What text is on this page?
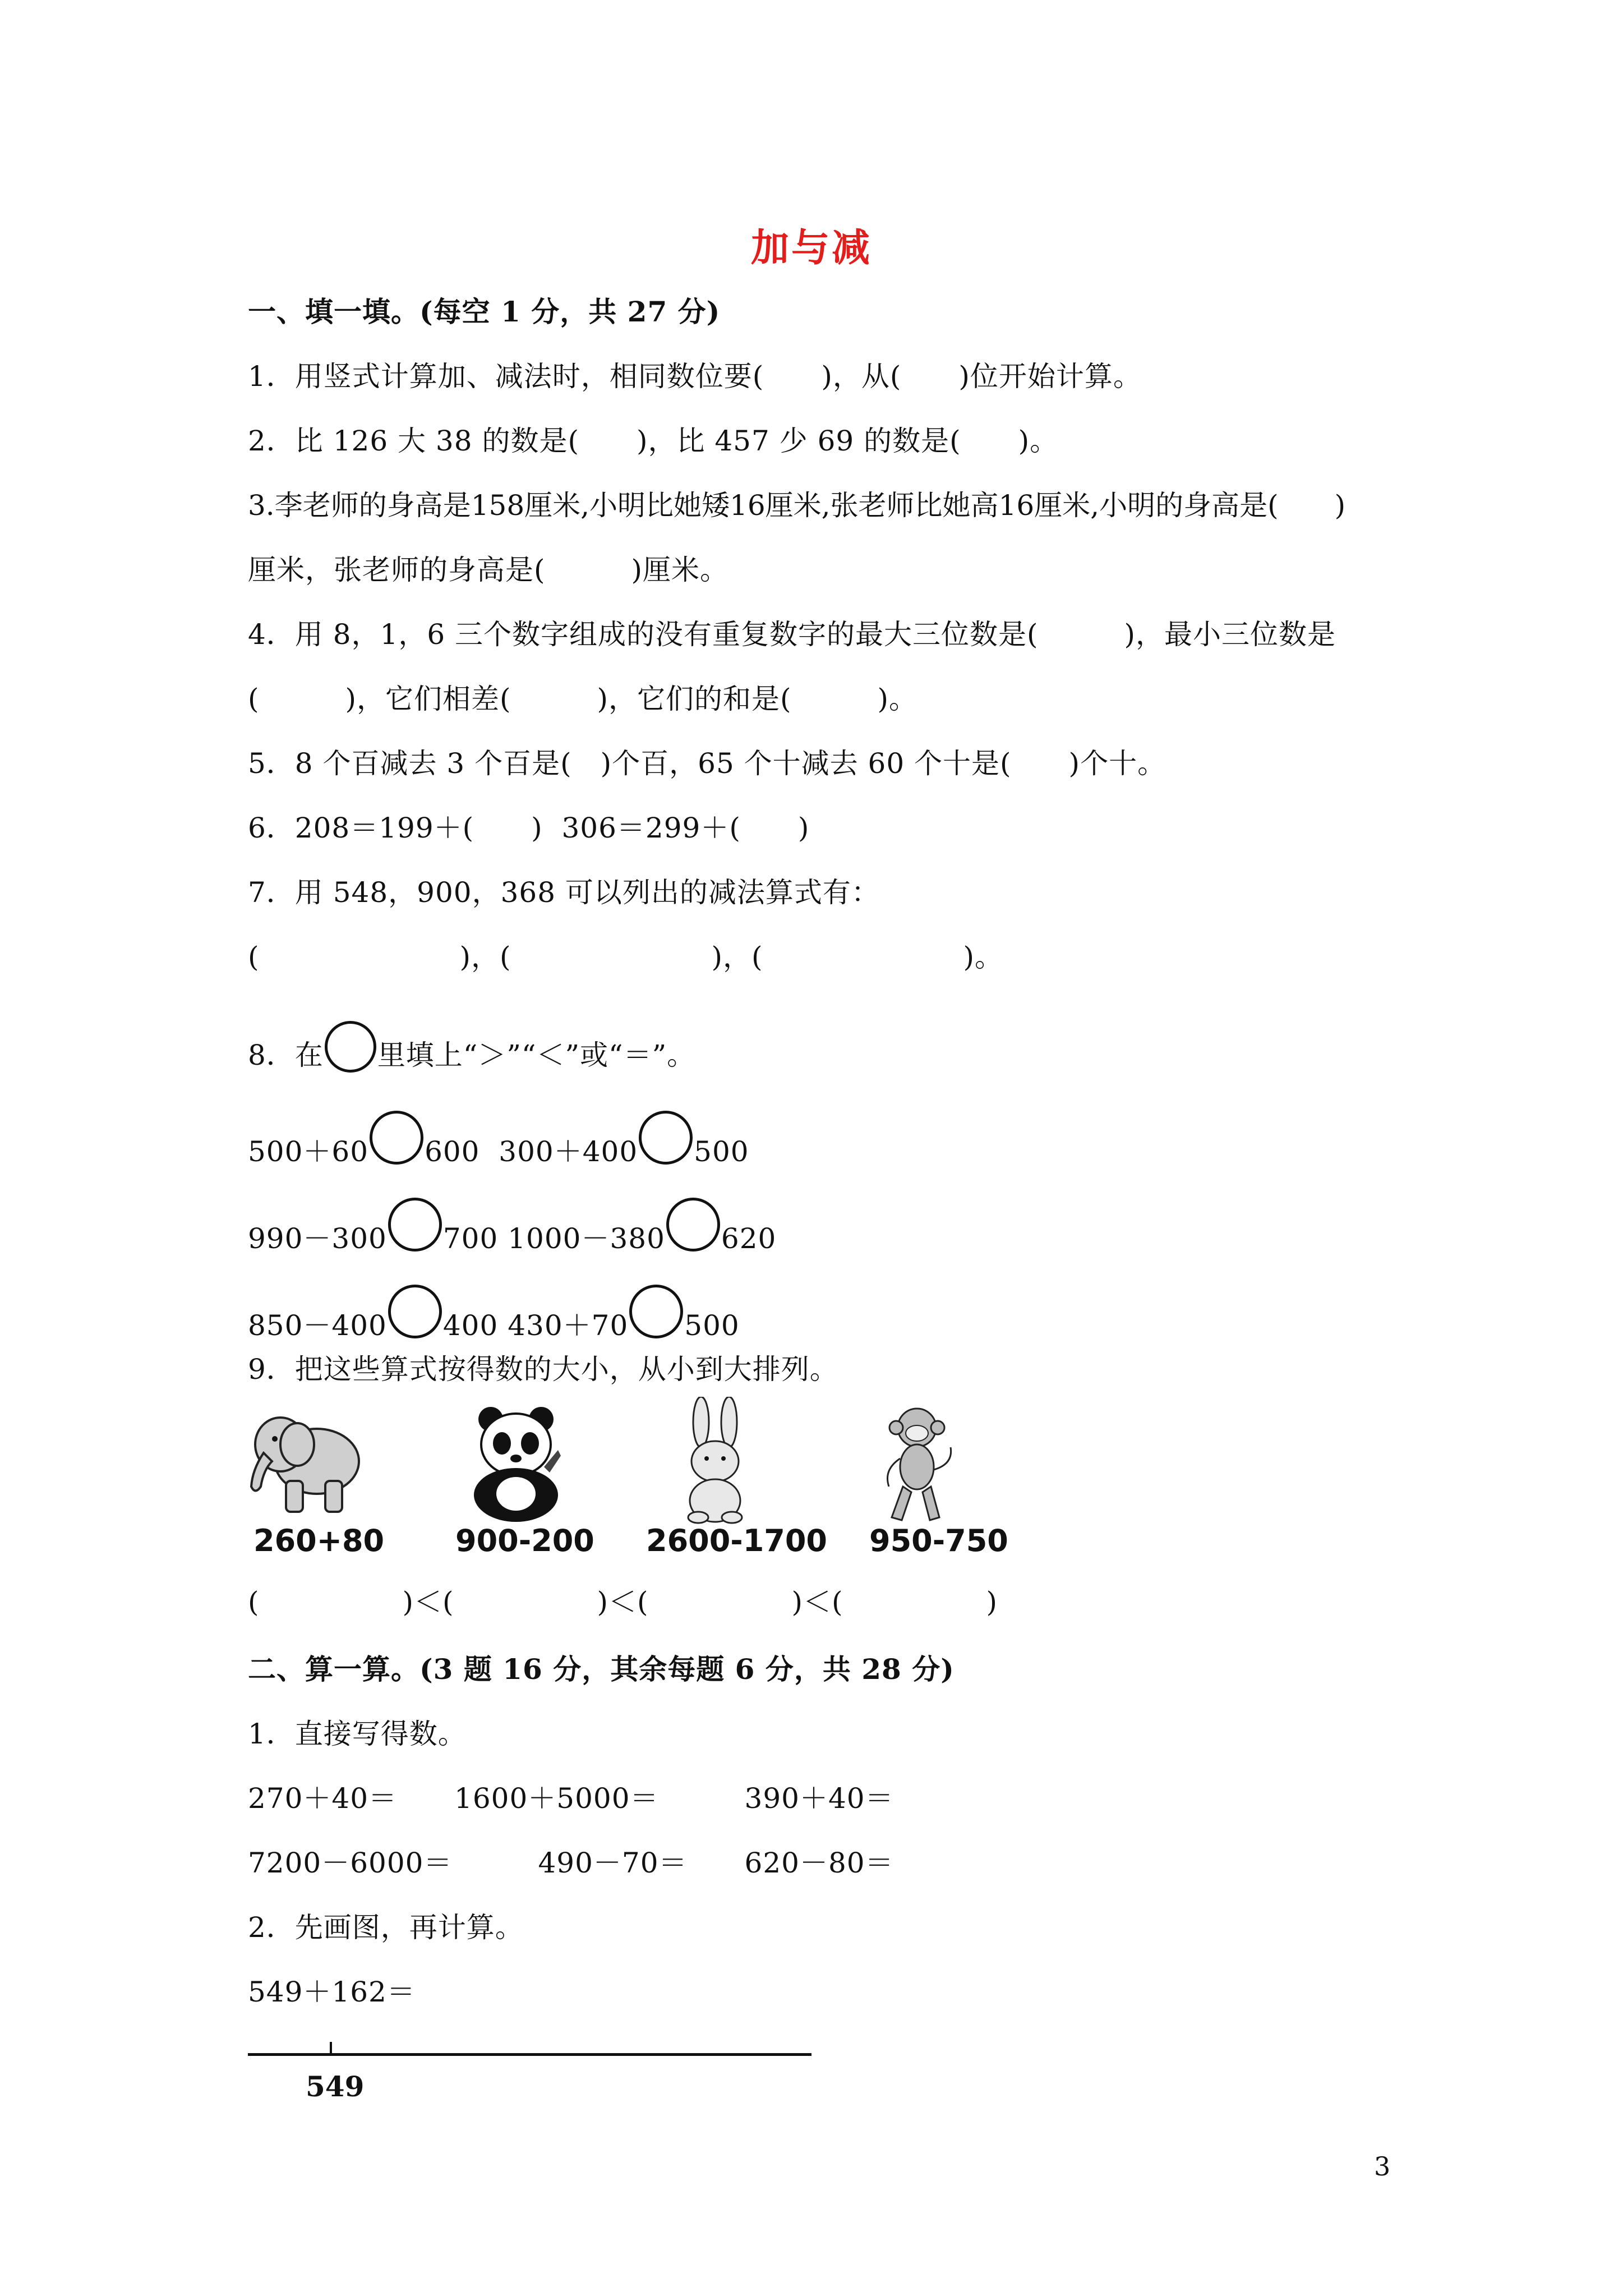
加与减

一、填一填。(每空 1 分，共 27 分)

1．用竖式计算加、减法时，相同数位要(　　)，从(　　)位开始计算。

2．比 126 大 38 的数是(　　)，比 457 少 69 的数是(　　)。

3.李老师的身高是158厘米,小明比她矮16厘米,张老师比她高16厘米,小明的身高是(　　)

厘米，张老师的身高是(　　　)厘米。

4．用 8，1，6 三个数字组成的没有重复数字的最大三位数是(　　　)，最小三位数是

(　　　)，它们相差(　　　)，它们的和是(　　　)。

5．8 个百减去 3 个百是(　)个百，65 个十减去 60 个十是(　　)个十。

6．208＝199＋(　　)  306＝299＋(　　)

7．用 548，900，368 可以列出的减法算式有：

(　　　　　　　)，(　　　　　　　)，(　　　　　　　)。

8．在 里填上“＞”“＜”或“＝”。

500＋60 600 300＋400 500

990－300 700 1000－380 620

850－400 400 430＋70 500

9．把这些算式按得数的大小，从小到大排列。

260+80 900-200 2600-1700 950-750

(　　　　　)＜(　　　　　)＜(　　　　　)＜(　　　　　)

二、算一算。(3 题 16 分，其余每题 6 分，共 28 分)

1．直接写得数。

270＋40＝　　1600＋5000＝　　　390＋40＝

7200－6000＝　　　490－70＝　　620－80＝

2．先画图，再计算。

549＋162＝

549
3
